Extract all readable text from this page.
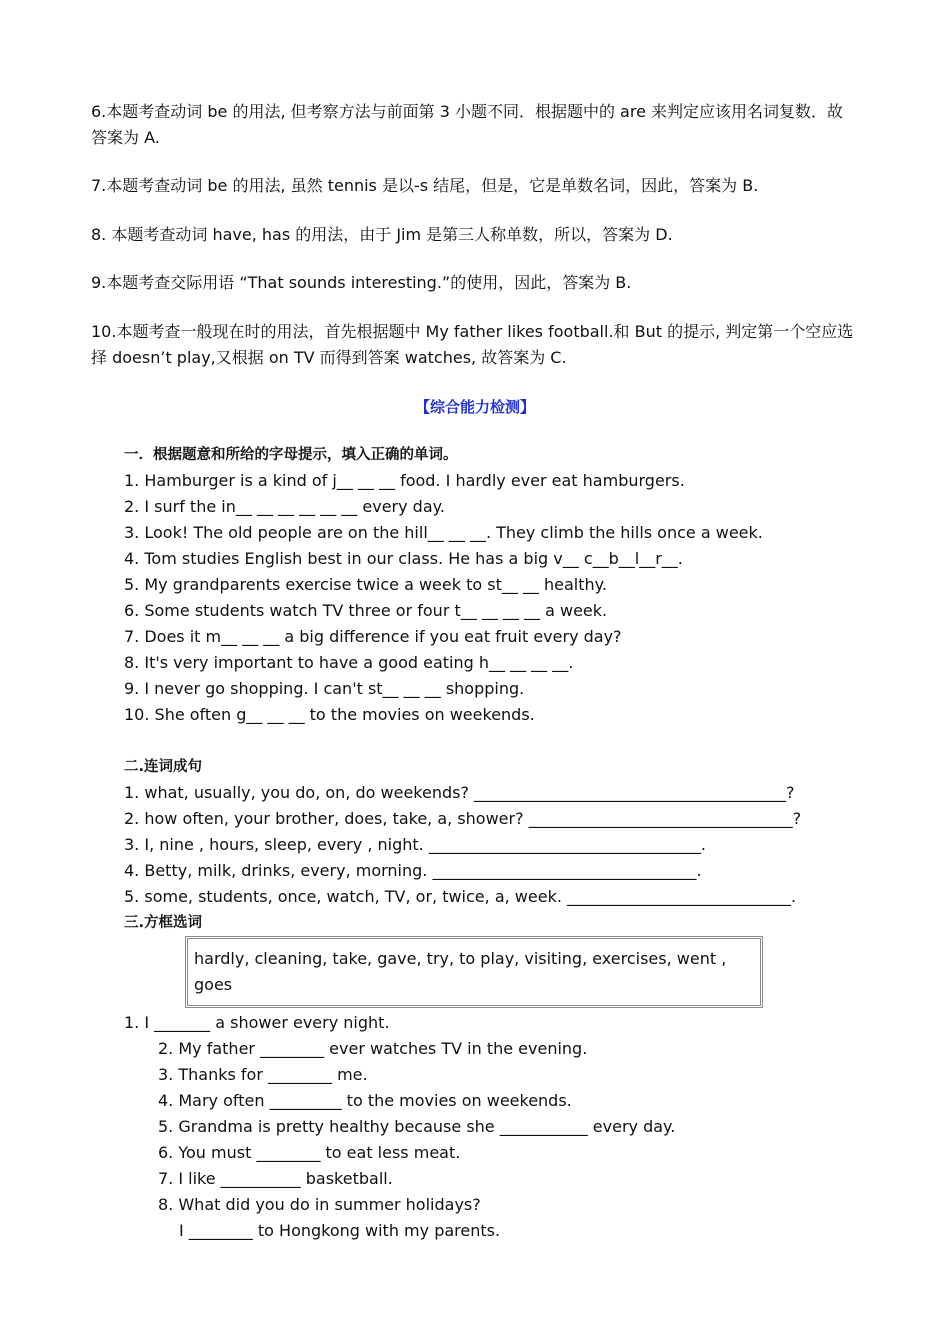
6.本题考查动词 be 的用法, 但考察方法与前面第 3 小题不同．根据题中的 are 来判定应该用名词复数．故答案为 A.
7.本题考查动词 be 的用法, 虽然 tennis 是以-s 结尾，但是，它是单数名词，因此，答案为 B.
8. 本题考查动词 have, has 的用法，由于 Jim 是第三人称单数，所以，答案为 D.
9.本题考查交际用语 “That sounds interesting.”的使用，因此，答案为 B.
10.本题考查一般现在时的用法，首先根据题中 My father likes football.和 But 的提示, 判定第一个空应选择 doesn’t play,又根据 on TV 而得到答案 watches, 故答案为 C.
【综合能力检测】
一．根据题意和所给的字母提示，填入正确的单词。
1. Hamburger is a kind of j__ __ __ food. I hardly ever eat hamburgers.
2. I surf the in__ __ __ __ __ __ every day.
3. Look! The old people are on the hill__ __ __. They climb the hills once a week.
4. Tom studies English best in our class. He has a big v__ c__b__l__r__.
5. My grandparents exercise twice a week to st__ __ healthy.
6. Some students watch TV three or four t__ __ __ __ a week.
7. Does it m__ __ __ a big difference if you eat fruit every day?
8. It's very important to have a good eating h__ __ __ __.
9. I never go shopping. I can't st__ __ __ shopping.
10. She often g__ __ __ to the movies on weekends.
二.连词成句
1. what, usually, you do, on, do weekends? _______________________________________?
2. how often, your brother, does, take, a, shower? _________________________________?
3. I, nine , hours, sleep, every , night. __________________________________.
4. Betty, milk, drinks, every, morning. _________________________________.
5. some, students, once, watch, TV, or, twice, a, week. ____________________________.
三.方框选词
hardly, cleaning, take, gave, try, to play, visiting, exercises, went , goes
1. I _______ a shower every night.
2. My father ________ ever watches TV in the evening.
3. Thanks for ________ me.
4. Mary often _________ to the movies on weekends.
5. Grandma is pretty healthy because she ___________ every day.
6. You must ________ to eat less meat.
7. I like __________ basketball.
8. What did you do in summer holidays?
I ________ to Hongkong with my parents.
